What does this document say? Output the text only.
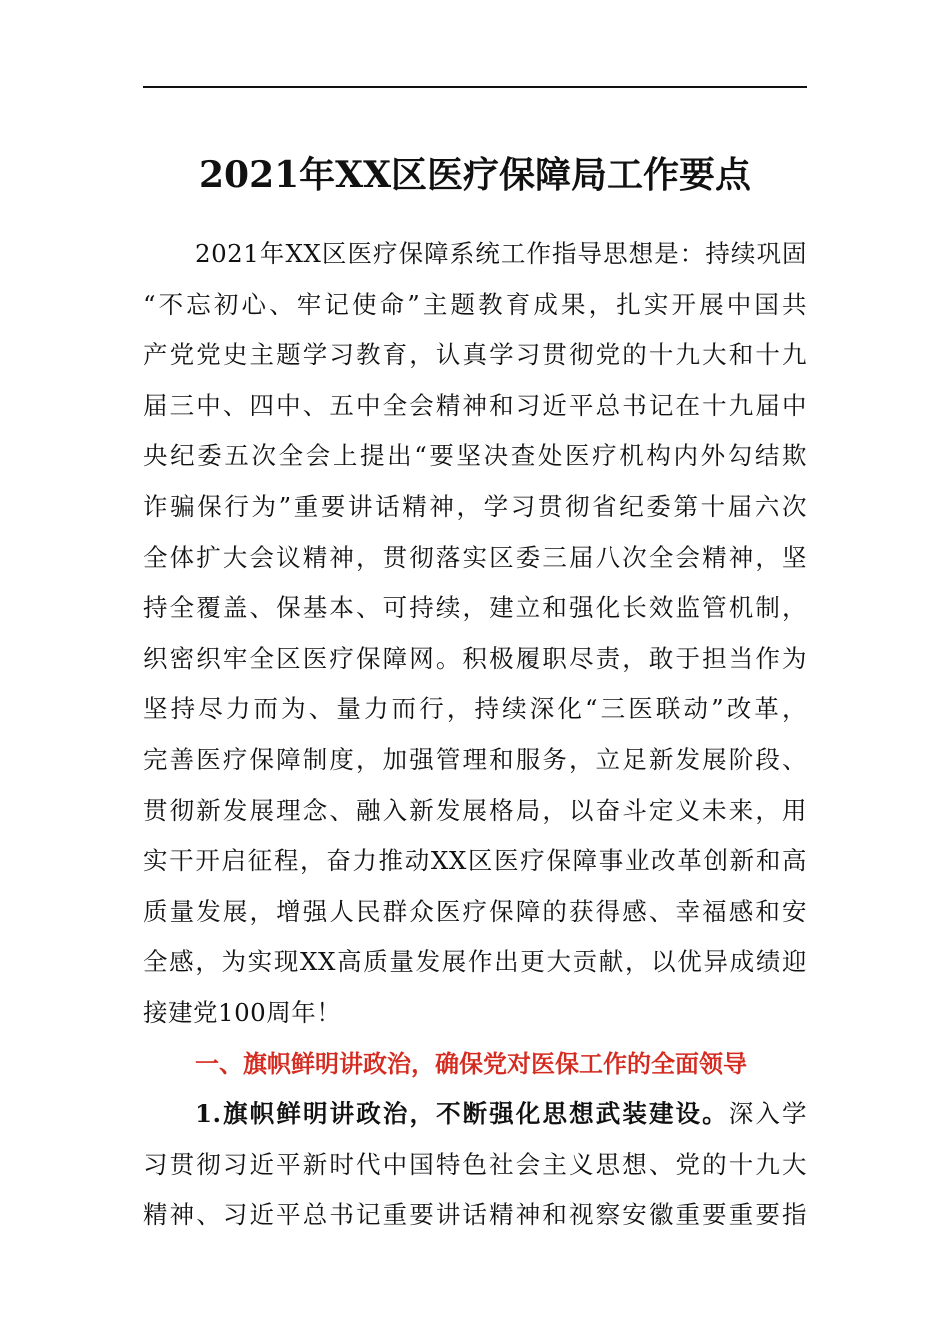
2021年XX区医疗保障局工作要点
2021年XX区医疗保障系统工作指导思想是：持续巩固
“不忘初心、牢记使命”主题教育成果，扎实开展中国共
产党党史主题学习教育，认真学习贯彻党的十九大和十九
届三中、四中、五中全会精神和习近平总书记在十九届中
央纪委五次全会上提出“要坚决查处医疗机构内外勾结欺
诈骗保行为”重要讲话精神，学习贯彻省纪委第十届六次
全体扩大会议精神，贯彻落实区委三届八次全会精神，坚
持全覆盖、保基本、可持续，建立和强化长效监管机制，
织密织牢全区医疗保障网。积极履职尽责，敢于担当作为
坚持尽力而为、量力而行，持续深化“三医联动”改革，
完善医疗保障制度，加强管理和服务，立足新发展阶段、
贯彻新发展理念、融入新发展格局，以奋斗定义未来，用
实干开启征程，奋力推动XX区医疗保障事业改革创新和高
质量发展，增强人民群众医疗保障的获得感、幸福感和安
全感，为实现XX高质量发展作出更大贡献，以优异成绩迎
接建党100周年！
一、旗帜鲜明讲政治，确保党对医保工作的全面领导
1.旗帜鲜明讲政治，不断强化思想武装建设。深入学
习贯彻习近平新时代中国特色社会主义思想、党的十九大
精神、习近平总书记重要讲话精神和视察安徽重要重要指
